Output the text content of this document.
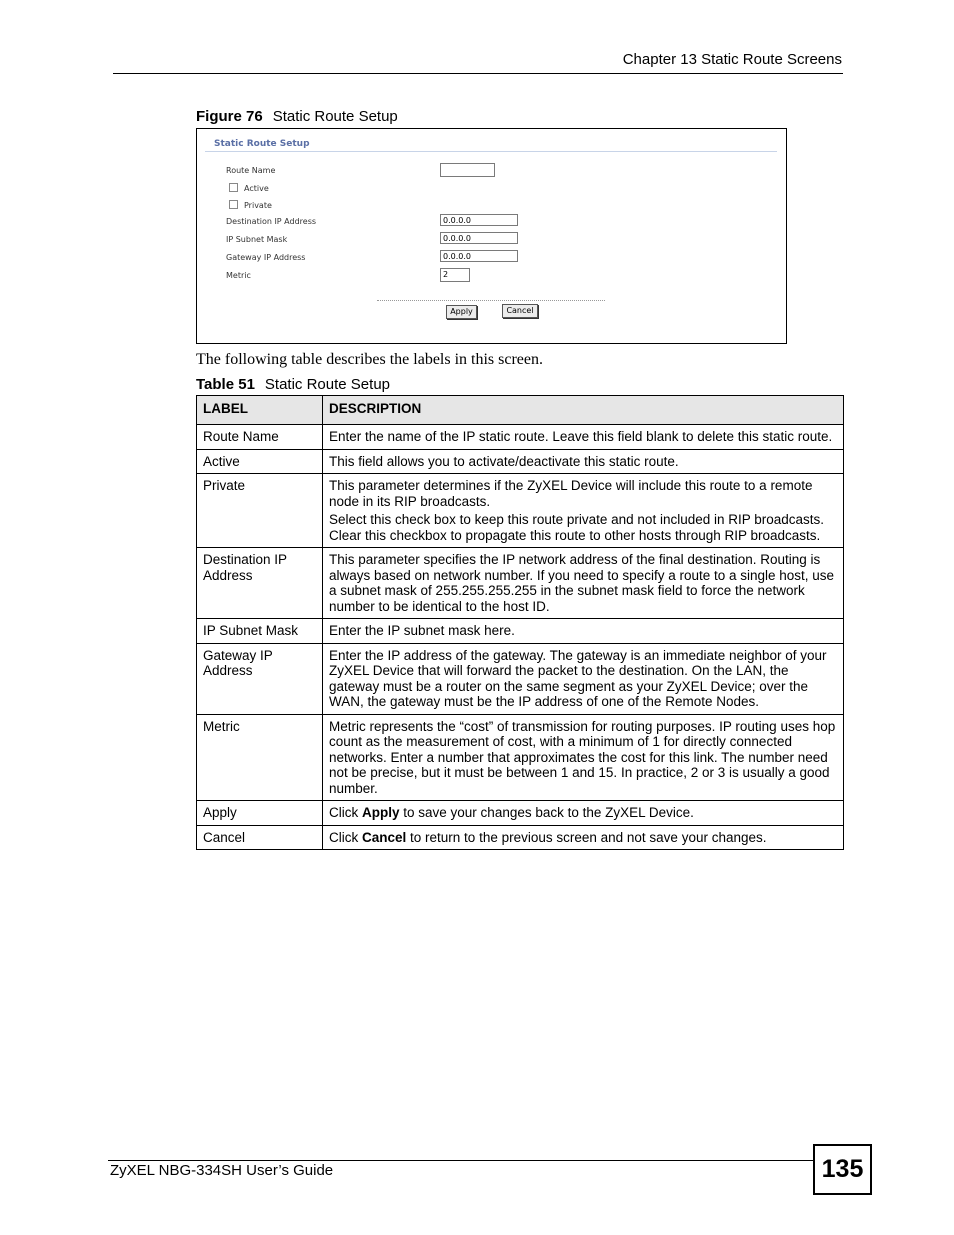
Chapter 13 Static Route Screens
Figure 76 Static Route Setup
Static Route Setup
Route Name
Active
Private
Destination IP Address	0.0.0.0
IP Subnet Mask	0.0.0.0
Gateway IP Address	0.0.0.0
Metric	2
Apply	Cancel
The following table describes the labels in this screen.
Table 51 Static Route Setup
LABEL	DESCRIPTION
Route Name	Enter the name of the IP static route. Leave this field blank to delete this static route.

Active	This field allows you to activate/deactivate this static route.

Private	This parameter determines if the ZyXEL Device will include this route to a remote node in its RIP broadcasts.

Select this check box to keep this route private and not included in RIP broadcasts. Clear this checkbox to propagate this route to other hosts through RIP broadcasts.

Destination IP Address	This parameter specifies the IP network address of the final destination. Routing is always based on network number. If you need to specify a route to a single host, use a subnet mask of 255.255.255.255 in the subnet mask field to force the network number to be identical to the host ID.

IP Subnet Mask	Enter the IP subnet mask here.

Gateway IP Address	Enter the IP address of the gateway. The gateway is an immediate neighbor of your ZyXEL Device that will forward the packet to the destination. On the LAN, the gateway must be a router on the same segment as your ZyXEL Device; over the WAN, the gateway must be the IP address of one of the Remote Nodes.

Metric	Metric represents the “cost” of transmission for routing purposes. IP routing uses hop count as the measurement of cost, with a minimum of 1 for directly connected networks. Enter a number that approximates the cost for this link. The number need not be precise, but it must be between 1 and 15. In practice, 2 or 3 is usually a good number.

Apply	Click Apply to save your changes back to the ZyXEL Device.
Cancel	Click Cancel to return to the previous screen and not save your changes.
ZyXEL NBG-334SH User’s Guide	135
